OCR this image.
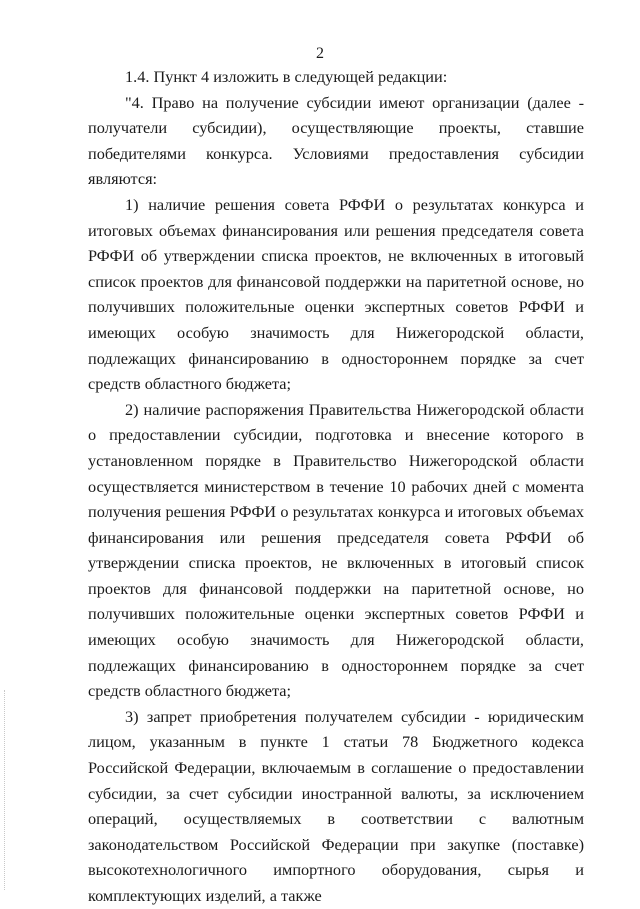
2

1.4. Пункт 4 изложить в следующей редакции:

"4. Право на получение субсидии имеют организации (далее - получатели субсидии), осуществляющие проекты, ставшие победителями конкурса. Условиями предоставления субсидии являются:

1) наличие решения совета РФФИ о результатах конкурса и итоговых объемах финансирования или решения председателя совета РФФИ об утверждении списка проектов, не включенных в итоговый список проектов для финансовой поддержки на паритетной основе, но получивших положительные оценки экспертных советов РФФИ и имеющих особую значимость для Нижегородской области, подлежащих финансированию в одностороннем порядке за счет средств областного бюджета;

2) наличие распоряжения Правительства Нижегородской области о предоставлении субсидии, подготовка и внесение которого в установленном порядке в Правительство Нижегородской области осуществляется министерством в течение 10 рабочих дней с момента получения решения РФФИ о результатах конкурса и итоговых объемах финансирования или решения председателя совета РФФИ об утверждении списка проектов, не включенных в итоговый список проектов для финансовой поддержки на паритетной основе, но получивших положительные оценки экспертных советов РФФИ и имеющих особую значимость для Нижегородской области, подлежащих финансированию в одностороннем порядке за счет средств областного бюджета;

3) запрет приобретения получателем субсидии - юридическим лицом, указанным в пункте 1 статьи 78 Бюджетного кодекса Российской Федерации, включаемым в соглашение о предоставлении субсидии, за счет субсидии иностранной валюты, за исключением операций, осуществляемых в соответствии с валютным законодательством Российской Федерации при закупке (поставке) высокотехнологичного импортного оборудования, сырья и комплектующих изделий, а также
